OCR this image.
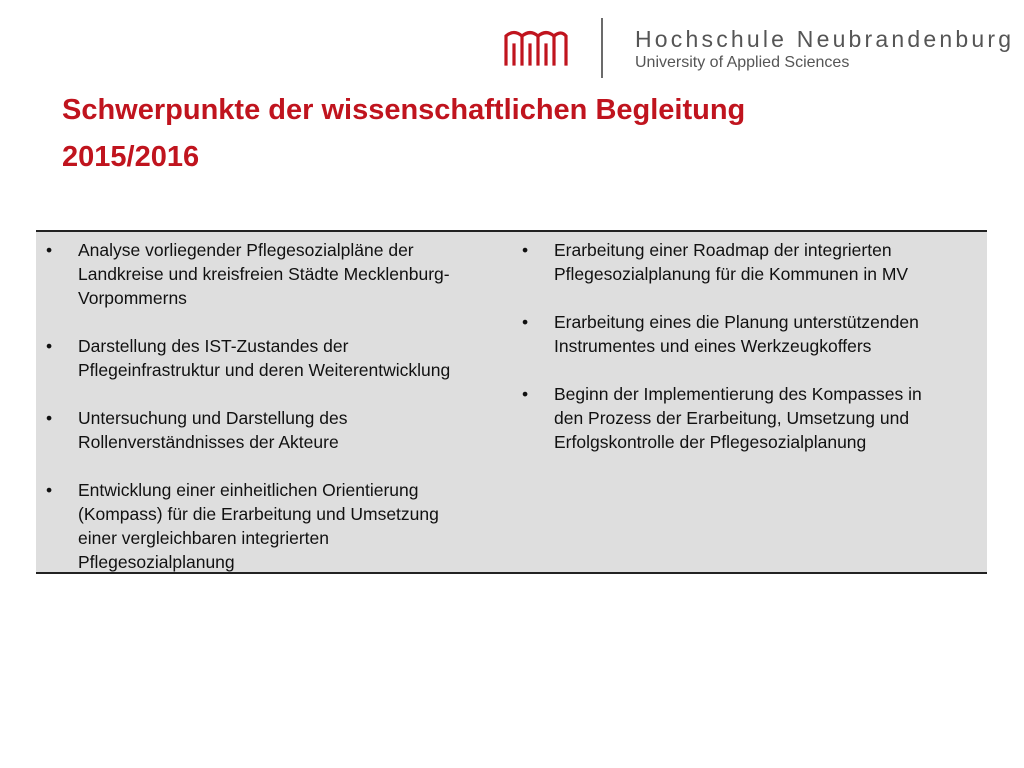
Hochschule Neubrandenburg
University of Applied Sciences
Schwerpunkte der wissenschaftlichen Begleitung
2015/2016
• Analyse vorliegender Pflegesozialpläne der
Landkreise und kreisfreien Städte Mecklenburg-
Vorpommerns
• Darstellung des IST-Zustandes der
Pflegeinfrastruktur und deren Weiterentwicklung
• Untersuchung und Darstellung des
Rollenverständnisses der Akteure
• Entwicklung einer einheitlichen Orientierung
(Kompass) für die Erarbeitung und Umsetzung
einer vergleichbaren integrierten
Pflegesozialplanung
• Erarbeitung einer Roadmap der integrierten
Pflegesozialplanung für die Kommunen in MV
• Erarbeitung eines die Planung unterstützenden
Instrumentes und eines Werkzeugkoffers
• Beginn der Implementierung des Kompasses in
den Prozess der Erarbeitung, Umsetzung und
Erfolgskontrolle der Pflegesozialplanung
